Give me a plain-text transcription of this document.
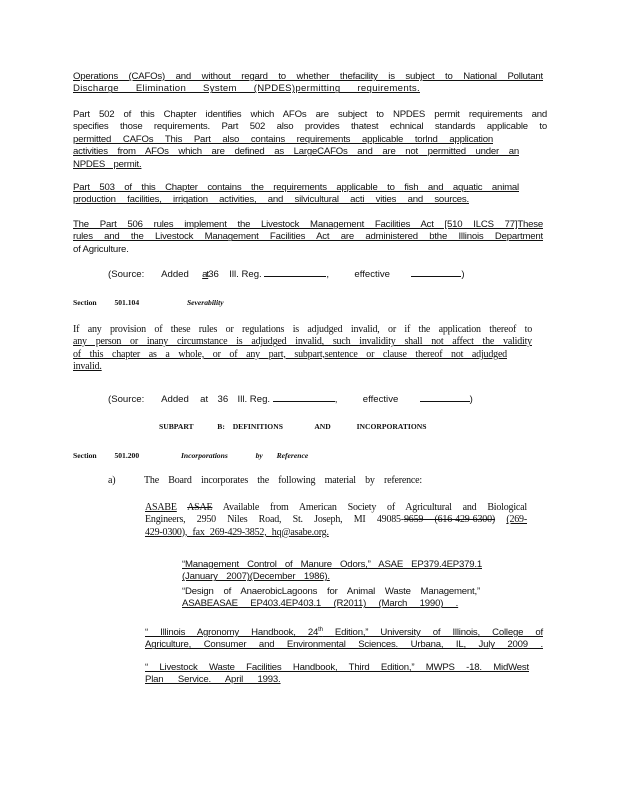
Operations (CAFOs) and without regard to whether thefacility is subject to National Pollutant
Discharge Elimination System (NPDES)permitting requirements.
Part 502 of this Chapter identifies which AFOs are subject to NPDES permit requirements and
specifies those requirements. Part 502 also provides thatest echnical standards applicable to
permitted CAFOs This Part also contains requirements applicable torlnd application
activities from AFOs which are defined as LargeCAFOs and are not permitted under an
NPDES permit.
Part 503 of this Chapter contains the requirements applicable to fish and aquatic animal
production facilities, irrigation activities, and silvicultural acti vities and sources.
The Part 506 rules implement the Livestock Management Facilities Act [510 ILCS 77]These
rules and the Livestock Management Facilities Act are administered bthe Illinois Department
of Agriculture.
(Source: Added at36 Ill. Reg.	,  effective	)
Section 501.104	Severability
If any provision of these rules or regulations is adjudged invalid, or if the application thereof to
any person or inany circumstance is adjudged invalid, such invalidity shall not affect the validity
of this chapter as a whole, or of any part, subpart,sentence or clause thereof not adjudged
invalid.
(Source: Added at 36 Ill. Reg.	,  effective	)
SUBPART	B: DEFINITIONS	AND	INCORPORATIONS
Section 501.200	Incorporations	by Reference
a)	The Board incorporates the following material by reference:
ASABE ASAE Available from American Society of Agricultural and Biological
Engineers, 2950 Niles Road, St. Joseph, MI 49085-9659 (616-429-6300) (269-
429-0300), fax 269-429-3852, hq@asabe.org.
“Management Control of Manure Odors,” ASAE EP379.4EP379.1
(January 2007)(December 1986).
“Design of AnaerobicLagoons for Animal Waste Management,”
ASABEASAE EP403.4EP403.1 (R2011) (March 1990) .
“ Illinois Agronomy Handbook, 24th Edition,” University of Illinois, College of
Agriculture, Consumer and Environmental Sciences. Urbana, IL, July 2009 .
“ Livestock Waste Facilities Handbook, Third Edition,” MWPS -18. MidWest
Plan Service. April 1993.
